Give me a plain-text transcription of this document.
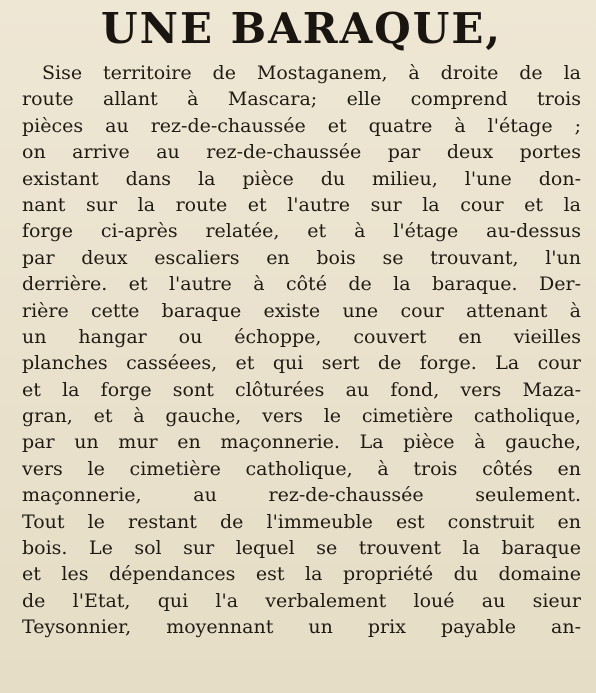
UNE BARAQUE,
Sise territoire de Mostaganem, à droite de la
route allant à Mascara; elle comprend trois
pièces au rez-de-chaussée et quatre à l'étage ;
on arrive au rez-de-chaussée par deux portes
existant dans la pièce du milieu, l'une don-
nant sur la route et l'autre sur la cour et la
forge ci-après relatée, et à l'étage au-dessus
par deux escaliers en bois se trouvant, l'un
derrière. et l'autre à côté de la baraque. Der-
rière cette baraque existe une cour attenant à
un hangar ou échoppe, couvert en vieilles
planches casséees, et qui sert de forge. La cour
et la forge sont clôturées au fond, vers Maza-
gran, et à gauche, vers le cimetière catholique,
par un mur en maçonnerie. La pièce à gauche,
vers le cimetière catholique, à trois côtés en
maçonnerie, au rez-de-chaussée seulement.
Tout le restant de l'immeuble est construit en
bois. Le sol sur lequel se trouvent la baraque
et les dépendances est la propriété du domaine
de l'Etat, qui l'a verbalement loué au sieur
Teysonnier, moyennant un prix payable an-
